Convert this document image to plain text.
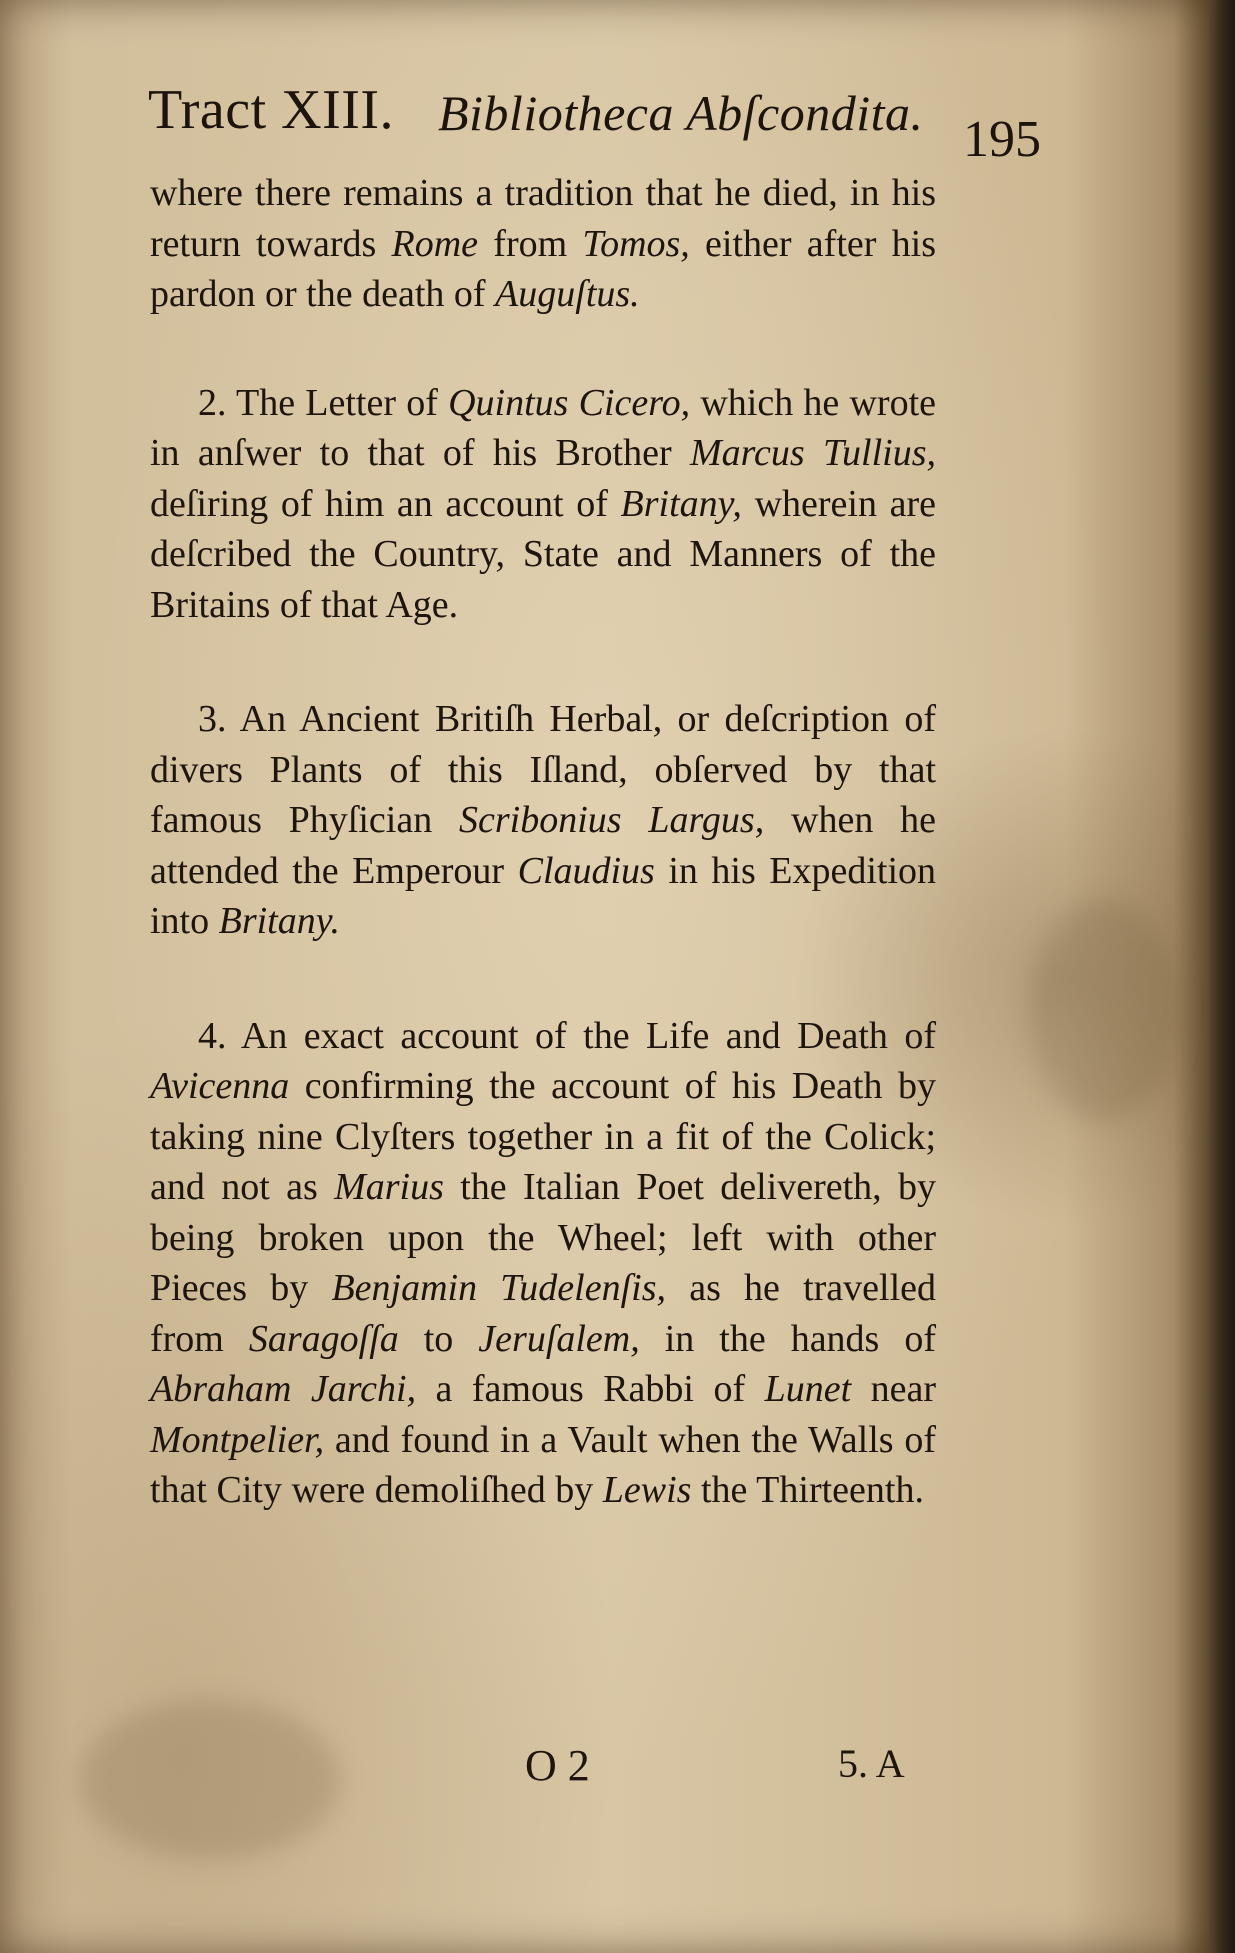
Tract XIII. Bibliotheca Abſcondita. 195

where there remains a tradition that he died, in his return towards Rome from Tomos, either after his pardon or the death of Auguſtus.

2. The Letter of Quintus Cicero, which he wrote in anſwer to that of his Brother Marcus Tullius, deſiring of him an account of Britany, wherein are deſcribed the Country, State and Manners of the Britains of that Age.

3. An Ancient Britiſh Herbal, or deſcription of divers Plants of this Iſland, obſerved by that famous Phyſician Scribonius Largus, when he attended the Emperour Claudius in his Expedition into Britany.

4. An exact account of the Life and Death of Avicenna confirming the account of his Death by taking nine Clyſters together in a fit of the Colick; and not as Marius the Italian Poet delivereth, by being broken upon the Wheel; left with other Pieces by Benjamin Tudelenſis, as he travelled from Saragoſſa to Jeruſalem, in the hands of Abraham Jarchi, a famous Rabbi of Lunet near Montpelier, and found in a Vault when the Walls of that City were demoliſhed by Lewis the Thirteenth.

O 2	5. A
